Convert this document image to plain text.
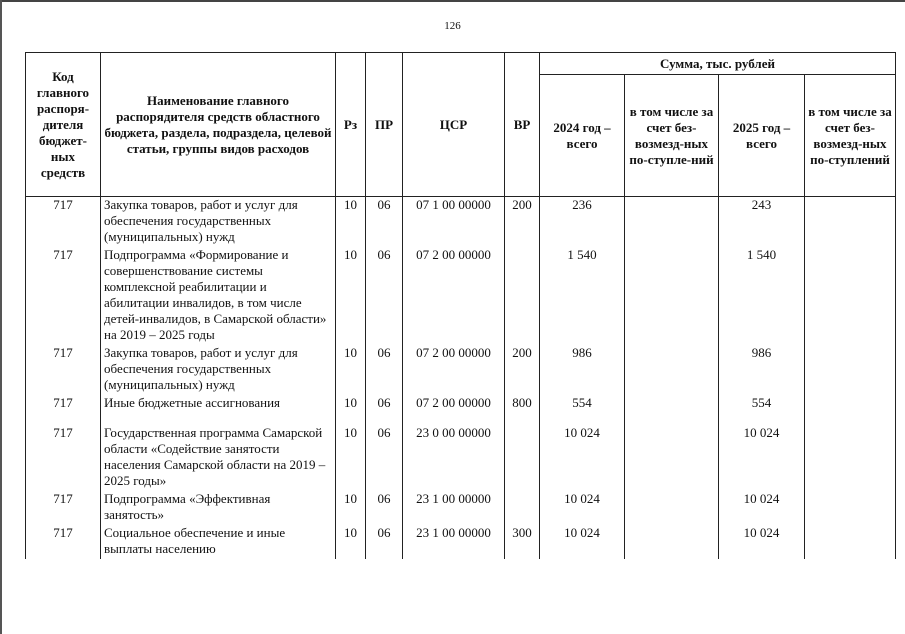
126
Код главного распоря-дителя бюджет-ных средств	Наименование главного распорядителя средств областного бюджета, раздела, подраздела, целевой статьи, группы видов расходов	Рз	ПР	ЦСР	ВР	Сумма, тыс. рублей			
						2024 год – всего	в том числе за счет без-возмезд-ных по-ступле-ний	2025 год – всего	в том числе за счет без-возмезд-ных по-ступлений
717	Закупка товаров, работ и услуг для обеспечения государственных (муниципальных) нужд	10	06	07 1 00 00000	200	236		243	
717	Подпрограмма «Формирование и совершенствование системы комплексной реабилитации и абилитации инвалидов, в том числе детей-инвалидов, в Самарской области» на 2019 – 2025 годы	10	06	07 2 00 00000		1 540		1 540	
717	Закупка товаров, работ и услуг для обеспечения государственных (муниципальных) нужд	10	06	07 2 00 00000	200	986		986	
717	Иные бюджетные ассигнования	10	06	07 2 00 00000	800	554		554	
717	Государственная программа Самарской области «Содействие занятости населения Самарской области на 2019 – 2025 годы»	10	06	23 0 00 00000		10 024		10 024	
717	Подпрограмма «Эффективная занятость»	10	06	23 1 00 00000		10 024		10 024	
717	Социальное обеспечение и иные выплаты населению	10	06	23 1 00 00000	300	10 024		10 024	
